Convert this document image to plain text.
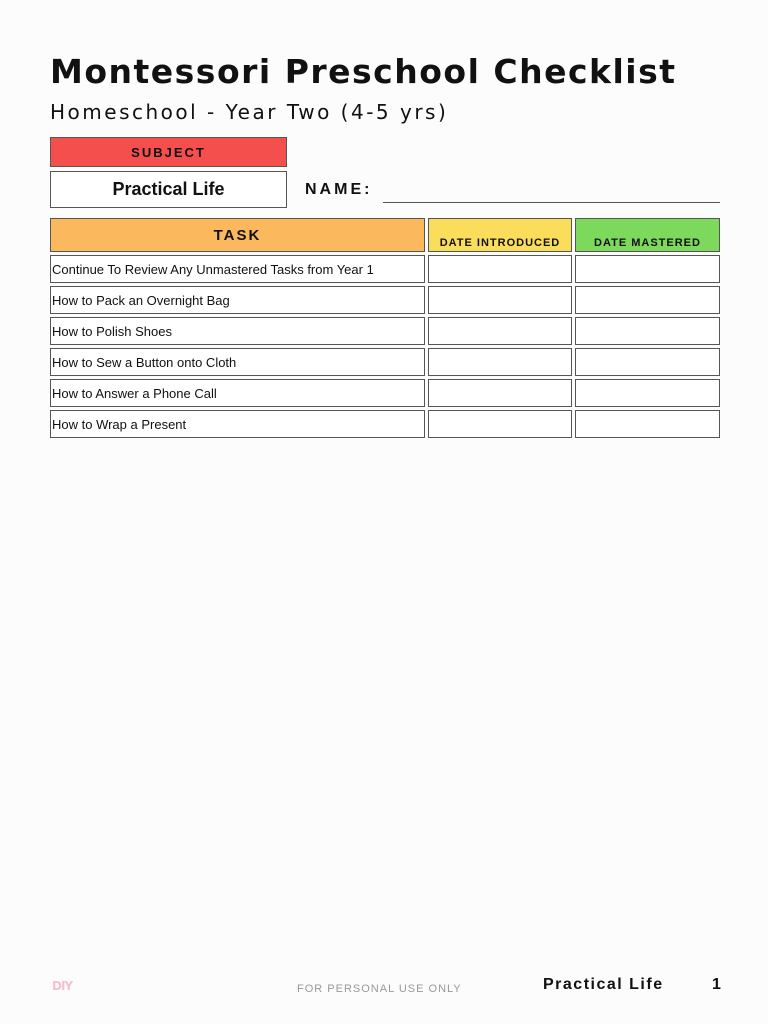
Montessori Preschool Checklist
Homeschool - Year Two (4-5 yrs)
SUBJECT
Practical Life	NAME:
TASK	DATE INTRODUCED	DATE MASTERED
Continue To Review Any Unmastered Tasks from Year 1
How to Pack an Overnight Bag
How to Polish Shoes
How to Sew a Button onto Cloth
How to Answer a Phone Call
How to Wrap a Present
DIY	FOR PERSONAL USE ONLY	Practical Life	1
